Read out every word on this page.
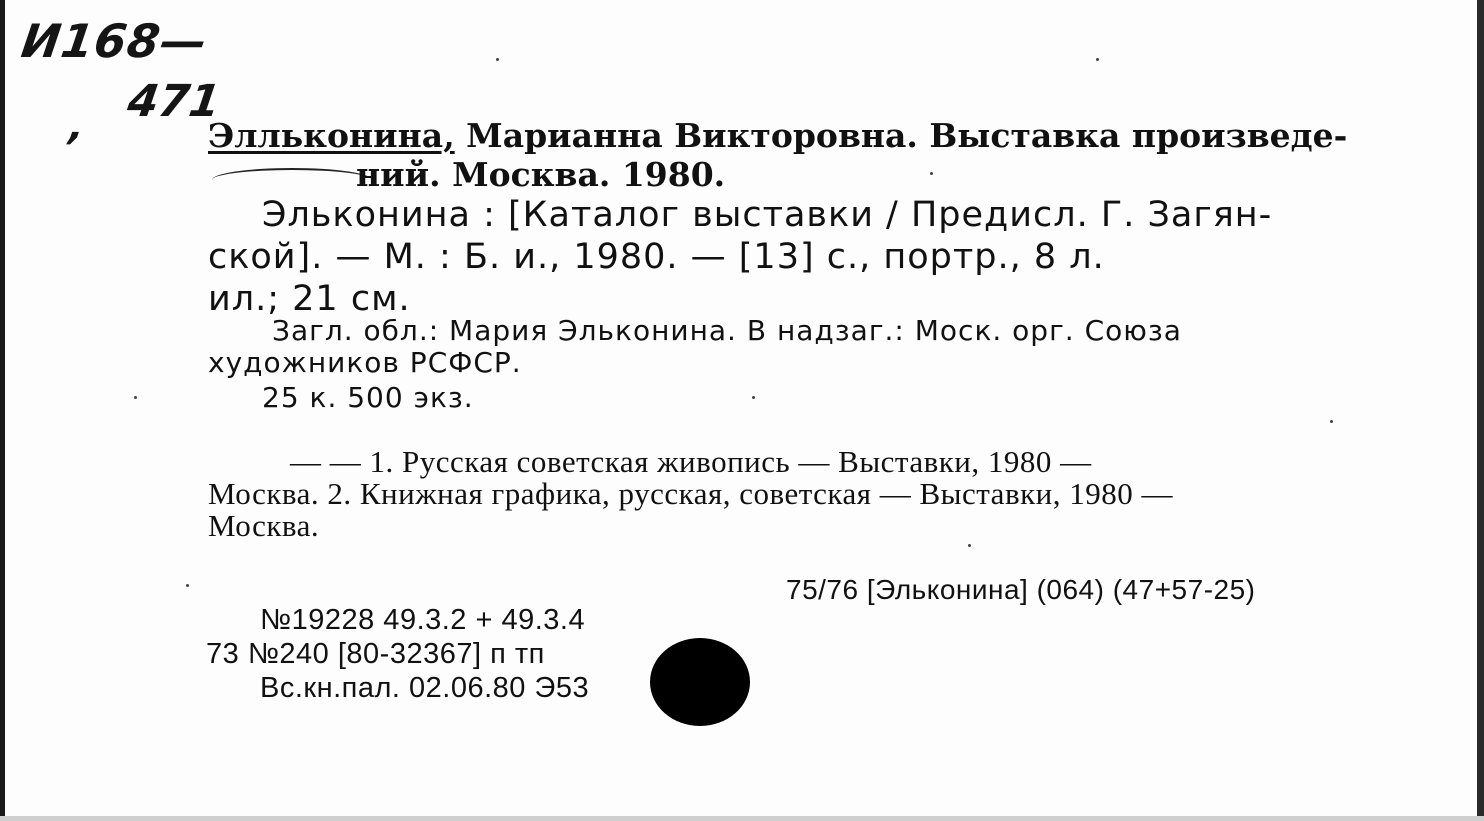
И168—
471
,	Элльконина, Марианна Викторовна. Выставка произведе-
ний. Москва. 1980.
Эльконина : [Каталог выставки / Предисл. Г. Загян-
ской]. — М. : Б. и., 1980. — [13] с., портр., 8 л.
ил.; 21 см.
Загл. обл.: Мария Эльконина. В надзаг.: Моск. орг. Союза
художников РСФСР.
25 к. 500 экз.
— — 1. Русская советская живопись — Выставки, 1980 —
Москва. 2. Книжная графика, русская, советская — Выставки, 1980 —
Москва.
75/76 [Эльконина] (064) (47+57-25)
№19228 49.3.2 + 49.3.4
73 №240 [80-32367] п тп
Вс.кн.пал. 02.06.80 Э53
